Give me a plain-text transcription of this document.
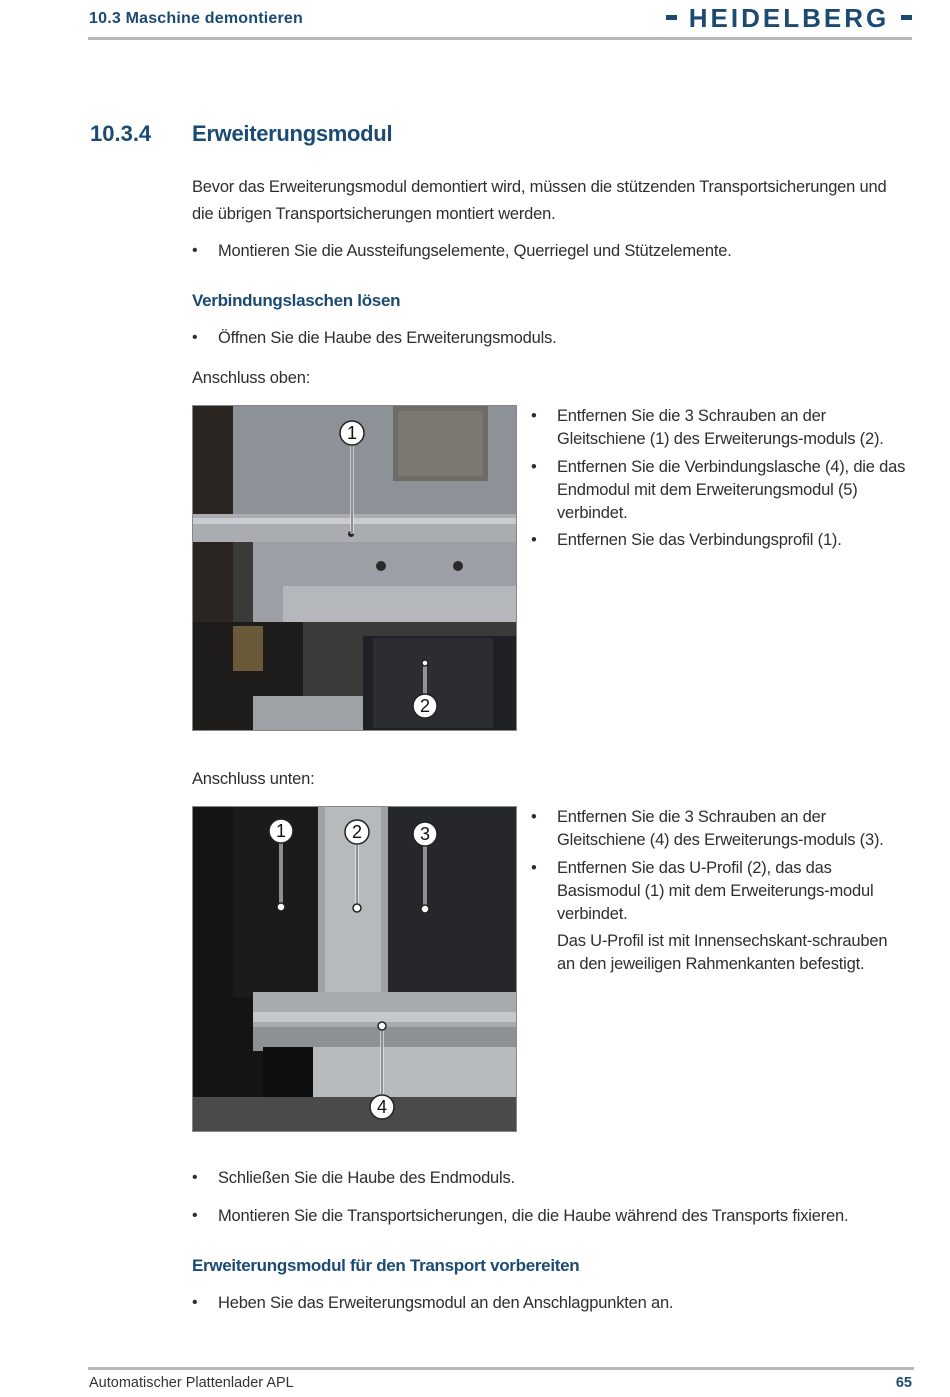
10.3 Maschine demontieren	HEIDELBERG
10.3.4 Erweiterungsmodul
Bevor das Erweiterungsmodul demontiert wird, müssen die stützenden Transportsicherungen und
die übrigen Transportsicherungen montiert werden.
• Montieren Sie die Aussteifungselemente, Querriegel und Stützelemente.
Verbindungslaschen lösen
• Öffnen Sie die Haube des Erweiterungsmoduls.
Anschluss oben:
1
2
• Entfernen Sie die 3 Schrauben an der
Gleitschiene (1) des Erweiterungs-moduls (2).
• Entfernen Sie die Verbindungslasche (4), die das
Endmodul mit dem Erweiterungsmodul (5)
verbindet.
• Entfernen Sie das Verbindungsprofil (1).
Anschluss unten:
1	2	3
4
• Entfernen Sie die 3 Schrauben an der
Gleitschiene (4) des Erweiterungs-moduls (3).
• Entfernen Sie das U-Profil (2), das das
Basismodul (1) mit dem Erweiterungs-modul
verbindet.
Das U-Profil ist mit Innensechskant-schrauben
an den jeweiligen Rahmenkanten befestigt.
• Schließen Sie die Haube des Endmoduls.
• Montieren Sie die Transportsicherungen, die die Haube während des Transports fixieren.
Erweiterungsmodul für den Transport vorbereiten
• Heben Sie das Erweiterungsmodul an den Anschlagpunkten an.
Automatischer Plattenlader APL	65
